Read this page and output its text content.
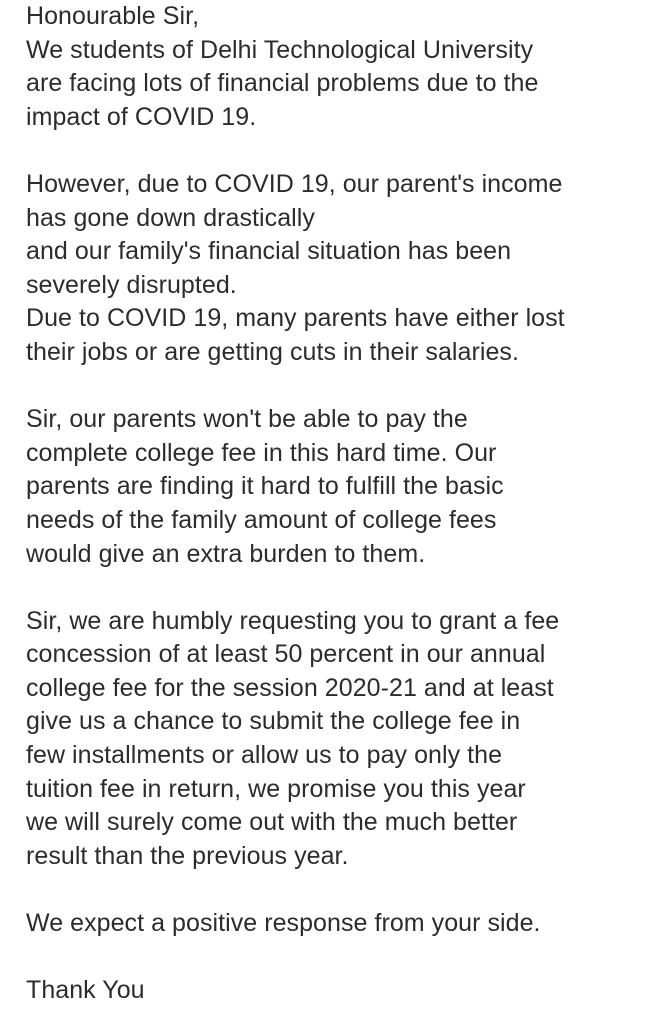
Honourable Sir,
We students of Delhi Technological University
are facing lots of financial problems due to the
impact of COVID 19.
However, due to COVID 19, our parent's income
has gone down drastically
and our family's financial situation has been
severely disrupted.
Due to COVID 19, many parents have either lost
their jobs or are getting cuts in their salaries.
Sir, our parents won't be able to pay the
complete college fee in this hard time. Our
parents are finding it hard to fulfill the basic
needs of the family amount of college fees
would give an extra burden to them.
Sir, we are humbly requesting you to grant a fee
concession of at least 50 percent in our annual
college fee for the session 2020-21 and at least
give us a chance to submit the college fee in
few installments or allow us to pay only the
tuition fee in return, we promise you this year
we will surely come out with the much better
result than the previous year.
We expect a positive response from your side.
Thank You
